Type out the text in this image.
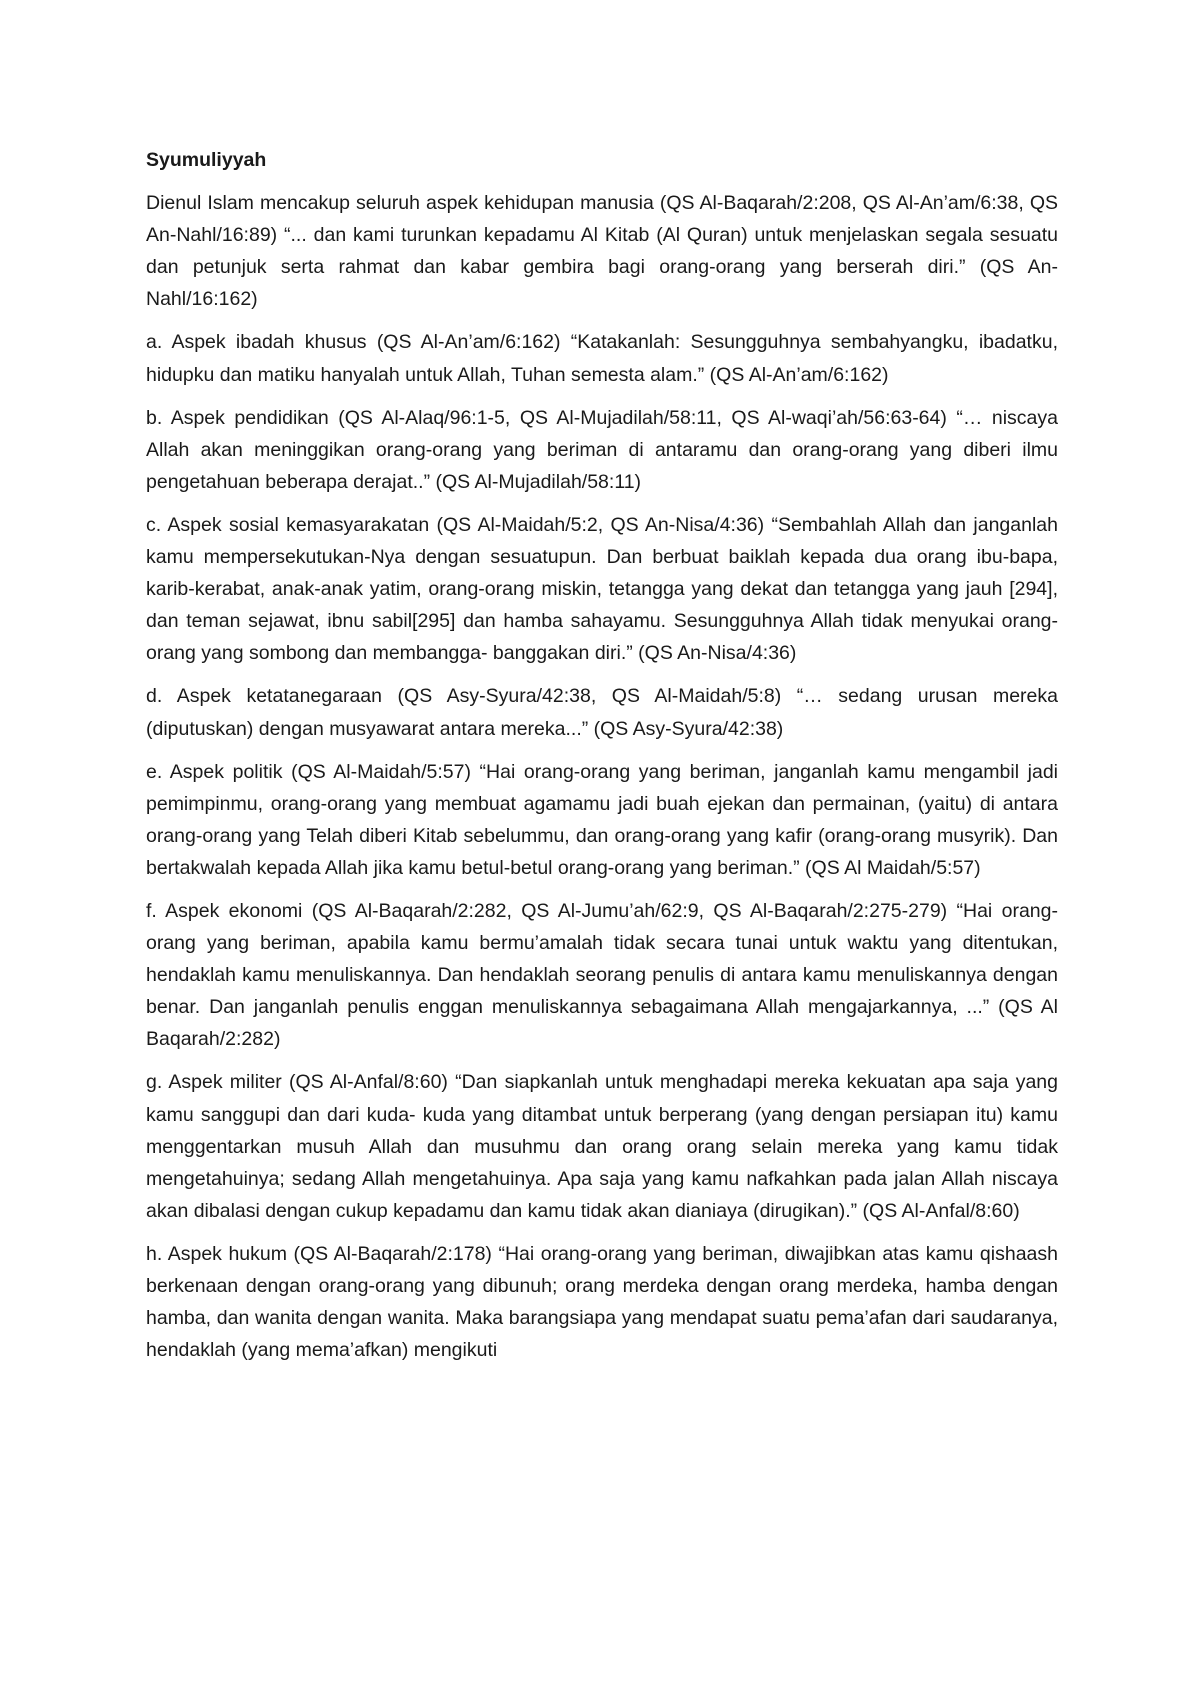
Syumuliyyah
Dienul Islam mencakup seluruh aspek kehidupan manusia (QS Al-Baqarah/2:208, QS Al-An’am/6:38, QS An-Nahl/16:89) “... dan kami turunkan kepadamu Al Kitab (Al Quran) untuk menjelaskan segala sesuatu dan petunjuk serta rahmat dan kabar gembira bagi orang-orang yang berserah diri.” (QS An- Nahl/16:162)
a. Aspek ibadah khusus (QS Al-An’am/6:162) “Katakanlah: Sesungguhnya sembahyangku, ibadatku, hidupku dan matiku hanyalah untuk Allah, Tuhan semesta alam.” (QS Al-An’am/6:162)
b. Aspek pendidikan (QS Al-Alaq/96:1-5, QS Al-Mujadilah/58:11, QS Al-waqi’ah/56:63-64) “… niscaya Allah akan meninggikan orang-orang yang beriman di antaramu dan orang-orang yang diberi ilmu pengetahuan beberapa derajat..” (QS Al-Mujadilah/58:11)
c. Aspek sosial kemasyarakatan (QS Al-Maidah/5:2, QS An-Nisa/4:36) “Sembahlah Allah dan janganlah kamu mempersekutukan-Nya dengan sesuatupun. Dan berbuat baiklah kepada dua orang ibu-bapa, karib-kerabat, anak-anak yatim, orang-orang miskin, tetangga yang dekat dan tetangga yang jauh [294], dan teman sejawat, ibnu sabil[295] dan hamba sahayamu. Sesungguhnya Allah tidak menyukai orang-orang yang sombong dan membangga- banggakan diri.” (QS An-Nisa/4:36)
d. Aspek ketatanegaraan (QS Asy-Syura/42:38, QS Al-Maidah/5:8) “… sedang urusan mereka (diputuskan) dengan musyawarat antara mereka...” (QS Asy-Syura/42:38)
e. Aspek politik (QS Al-Maidah/5:57) “Hai orang-orang yang beriman, janganlah kamu mengambil jadi pemimpinmu, orang-orang yang membuat agamamu jadi buah ejekan dan permainan, (yaitu) di antara orang-orang yang Telah diberi Kitab sebelummu, dan orang-orang yang kafir (orang-orang musyrik). Dan bertakwalah kepada Allah jika kamu betul-betul orang-orang yang beriman.” (QS Al Maidah/5:57)
f. Aspek ekonomi (QS Al-Baqarah/2:282, QS Al-Jumu’ah/62:9, QS Al-Baqarah/2:275-279) “Hai orang-orang yang beriman, apabila kamu bermu’amalah tidak secara tunai untuk waktu yang ditentukan, hendaklah kamu menuliskannya. Dan hendaklah seorang penulis di antara kamu menuliskannya dengan benar. Dan janganlah penulis enggan menuliskannya sebagaimana Allah mengajarkannya, ...” (QS Al Baqarah/2:282)
g. Aspek militer (QS Al-Anfal/8:60) “Dan siapkanlah untuk menghadapi mereka kekuatan apa saja yang kamu sanggupi dan dari kuda- kuda yang ditambat untuk berperang (yang dengan persiapan itu) kamu menggentarkan musuh Allah dan musuhmu dan orang orang selain mereka yang kamu tidak mengetahuinya; sedang Allah mengetahuinya. Apa saja yang kamu nafkahkan pada jalan Allah niscaya akan dibalasi dengan cukup kepadamu dan kamu tidak akan dianiaya (dirugikan).” (QS Al-Anfal/8:60)
h. Aspek hukum (QS Al-Baqarah/2:178) “Hai orang-orang yang beriman, diwajibkan atas kamu qishaash berkenaan dengan orang-orang yang dibunuh; orang merdeka dengan orang merdeka, hamba dengan hamba, dan wanita dengan wanita. Maka barangsiapa yang mendapat suatu pema’afan dari saudaranya, hendaklah (yang mema’afkan) mengikuti
